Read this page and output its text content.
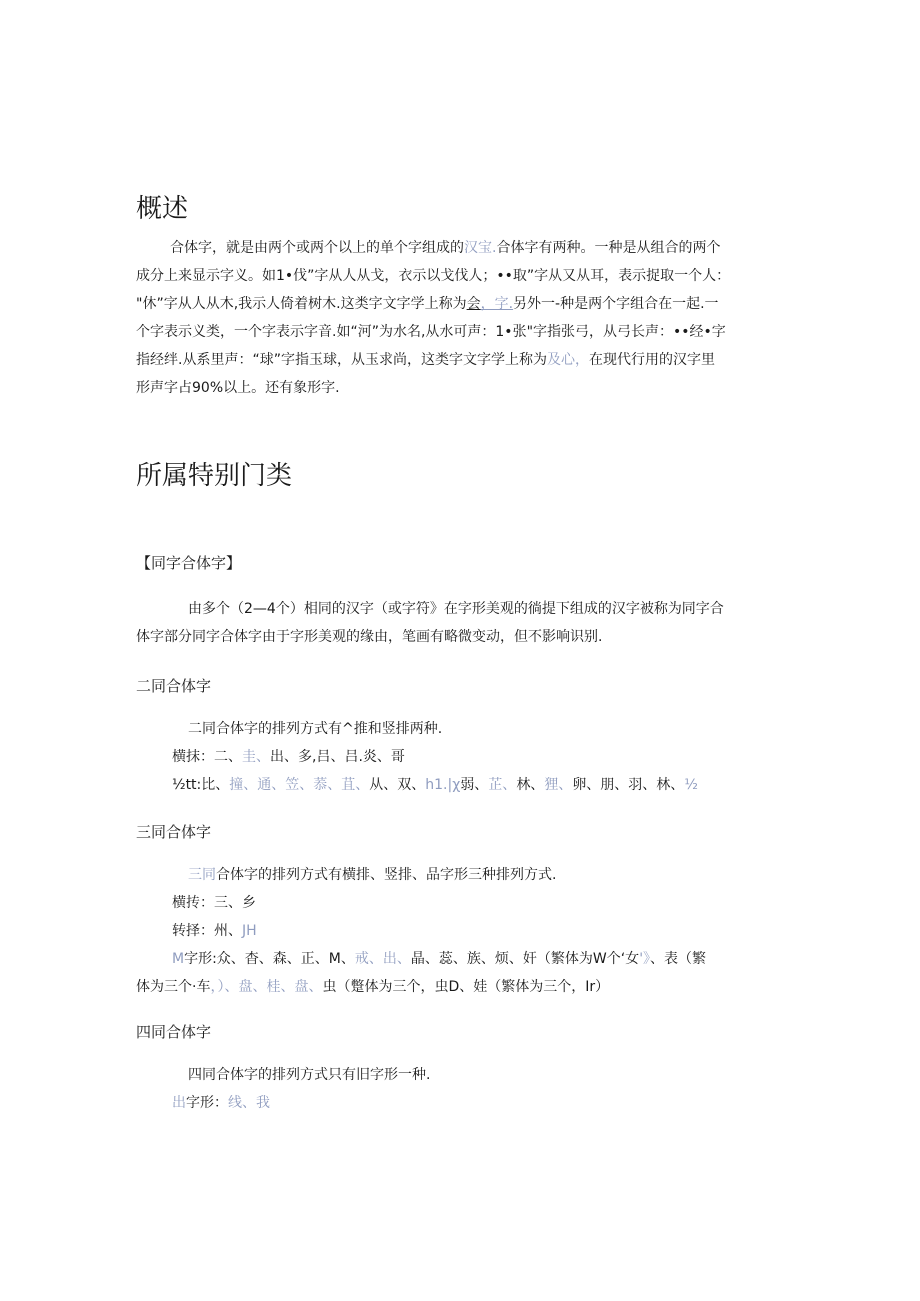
概述
合体字，就是由两个或两个以上的单个字组成的汉宝.合体字有两种。一种是从组合的两个
成分上来显示字义。如1•伐”字从人从戈，衣示以戈伐人；••取”字从又从耳，表示捉取一个人：
"休”字从人从木,我示人倚着树木.这类字文字学上称为会，字.另外一-种是两个字组合在一起.一
个字表示义类，一个字表示字音.如“河”为水名,从水可声：1•张"字指张弓，从弓长声：••经•字
指经绊.从系里声：“球”字指玉球，从玉求尚，这类字文字学上称为及心，在现代行用的汉字里
形声字占90%以上。还有象形字.
所属特别门类
【同字合体字】
由多个（2—4个）相同的汉字（或字符》在字形美观的徜提下组成的汉字被称为同字合
体字部分同字合体字由于字形美观的缘由，笔画有略微变动，但不影响识别.
二同合体字
二同合体字的排列方式有^推和竖排两种.
横抹：二、圭、出、多,吕、吕.炎、哥
½tt:比、撞、通、笠、菾、苴、从、双、h1.|χ弱、芷、林、狸、卵、朋、羽、林、½
三同合体字
三同合体字的排列方式有横排、竖排、品字形三种排列方式.
横抟：三、乡
转择：州、JH
M字形:众、杳、森、正、M、戒、出、晶、蕊、族、烦、奸（繁体为W个‘女'》、表（繁
体为三个·车，）、盘、桂、盘、虫（蹩体为三个，虫D、娃（繁体为三个，Ir）
四同合体字
四同合体字的排列方式只有旧字形一种.
出字形：线、我
